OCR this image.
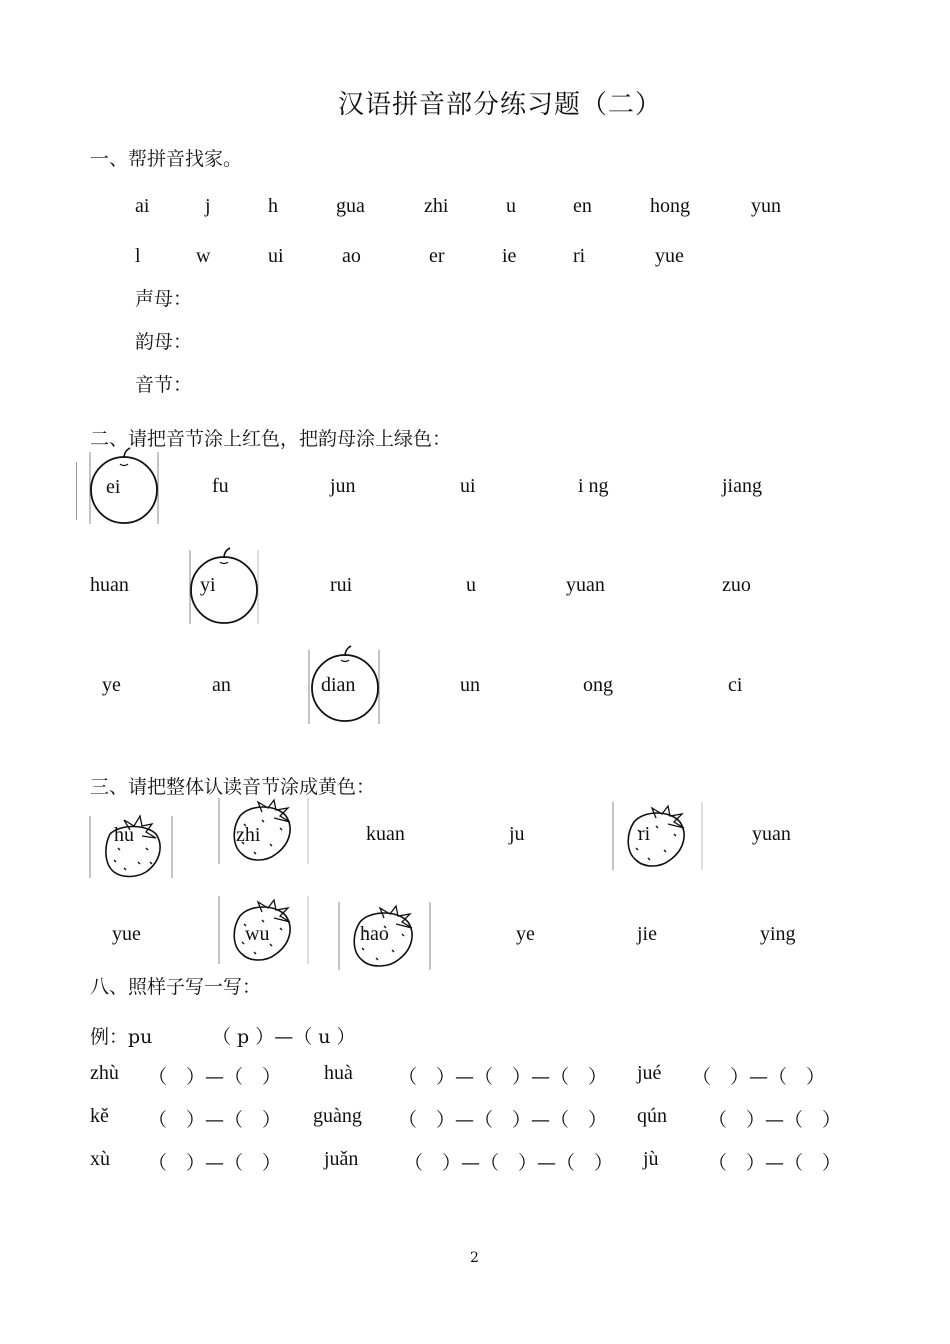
汉语拼音部分练习题（二）
一、帮拼音找家。
ai	j	h	gua	zhi	u	en	hong	yun
l	w	ui	ao	er	ie	ri	yue
声母：
韵母：
音节：
二、请把音节涂上红色，把韵母涂上绿色：
ei	fu	jun	ui	i ng	jiang
huan	yi	rui	u	yuan	zuo
ye	an	dian	un	ong	ci
三、请把整体认读音节涂成黄色：
hu	zhi	kuan	ju	ri	yuan
yue	wu	hao	ye	jie	ying
八、照样子写一写：
例：pu	（ p ）—（ u ）
zhù （　）—（　） huà （　）—（　）—（　） jué （　）—（　）
kě （　）—（　） guàng （　）—（　）—（　） qún （　）—（　）
xù （　）—（　） juǎn （　）—（　）—（　） jù	（　）—（　）
2
